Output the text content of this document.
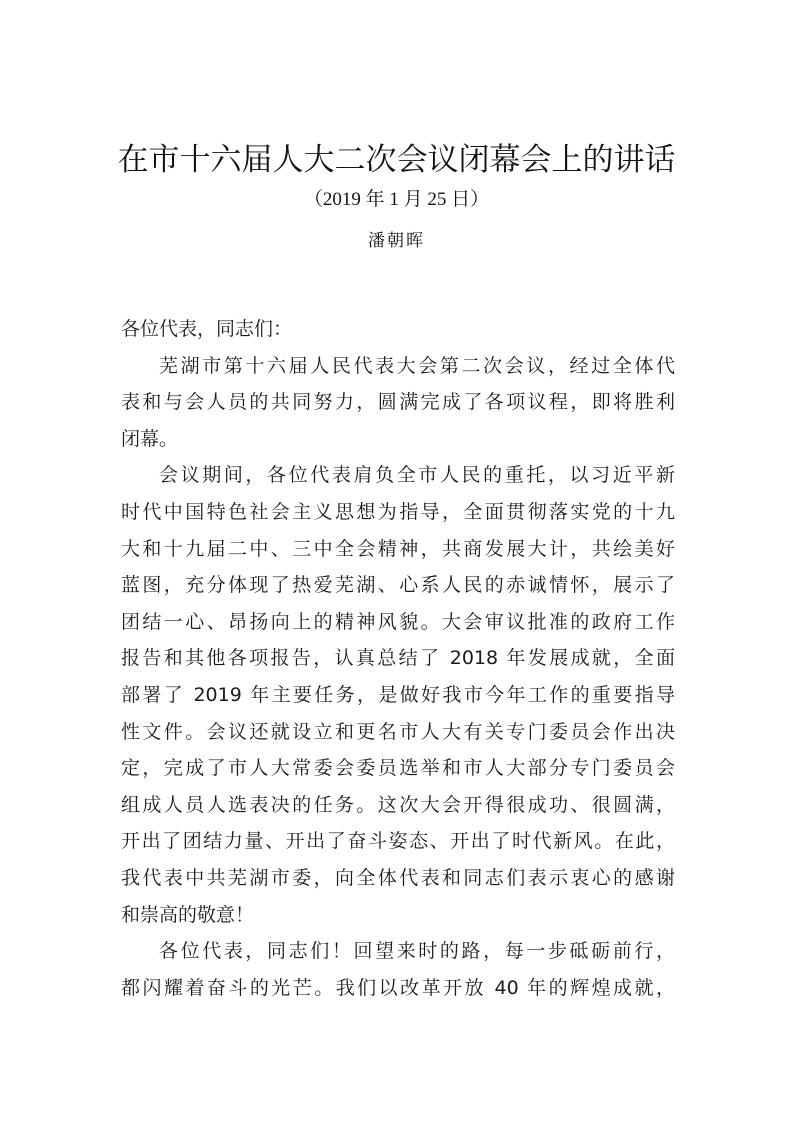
在市十六届人大二次会议闭幕会上的讲话
（2019 年 1 月 25 日）
潘朝晖
各位代表，同志们：
芜湖市第十六届人民代表大会第二次会议，经过全体代
表和与会人员的共同努力，圆满完成了各项议程，即将胜利
闭幕。
会议期间，各位代表肩负全市人民的重托，以习近平新
时代中国特色社会主义思想为指导，全面贯彻落实党的十九
大和十九届二中、三中全会精神，共商发展大计，共绘美好
蓝图，充分体现了热爱芜湖、心系人民的赤诚情怀，展示了
团结一心、昂扬向上的精神风貌。大会审议批准的政府工作
报告和其他各项报告，认真总结了 2018 年发展成就，全面
部署了 2019 年主要任务，是做好我市今年工作的重要指导
性文件。会议还就设立和更名市人大有关专门委员会作出决
定，完成了市人大常委会委员选举和市人大部分专门委员会
组成人员人选表决的任务。这次大会开得很成功、很圆满，
开出了团结力量、开出了奋斗姿态、开出了时代新风。在此，
我代表中共芜湖市委，向全体代表和同志们表示衷心的感谢
和崇高的敬意！
各位代表，同志们！回望来时的路，每一步砥砺前行，
都闪耀着奋斗的光芒。我们以改革开放 40 年的辉煌成就，
